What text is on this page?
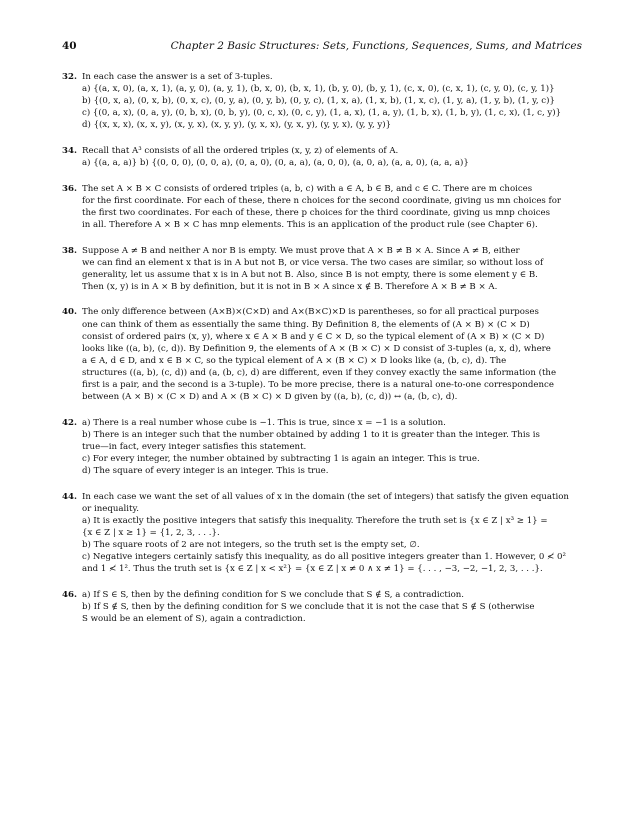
40	Chapter 2 Basic Structures: Sets, Functions, Sequences, Sums, and Matrices
32. In each case the answer is a set of 3-tuples.
a) {(a, x, 0), (a, x, 1), (a, y, 0), (a, y, 1), (b, x, 0), (b, x, 1), (b, y, 0), (b, y, 1), (c, x, 0), (c, x, 1), (c, y, 0), (c, y, 1)}
b) {(0, x, a), (0, x, b), (0, x, c), (0, y, a), (0, y, b), (0, y, c), (1, x, a), (1, x, b), (1, x, c), (1, y, a), (1, y, b), (1, y, c)}
c) {(0, a, x), (0, a, y), (0, b, x), (0, b, y), (0, c, x), (0, c, y), (1, a, x), (1, a, y), (1, b, x), (1, b, y), (1, c, x), (1, c, y)}
d) {(x, x, x), (x, x, y), (x, y, x), (x, y, y), (y, x, x), (y, x, y), (y, y, x), (y, y, y)}
34. Recall that A³ consists of all the ordered triples (x, y, z) of elements of A.
a) {(a, a, a)} b) {(0, 0, 0), (0, 0, a), (0, a, 0), (0, a, a), (a, 0, 0), (a, 0, a), (a, a, 0), (a, a, a)}
36. The set A × B × C consists of ordered triples (a, b, c) with a ∈ A, b ∈ B, and c ∈ C. There are m choices
for the first coordinate. For each of these, there n choices for the second coordinate, giving us mn choices for
the first two coordinates. For each of these, there p choices for the third coordinate, giving us mnp choices
in all. Therefore A × B × C has mnp elements. This is an application of the product rule (see Chapter 6).
38. Suppose A ≠ B and neither A nor B is empty. We must prove that A × B ≠ B × A. Since A ≠ B, either
we can find an element x that is in A but not B, or vice versa. The two cases are similar, so without loss of
generality, let us assume that x is in A but not B. Also, since B is not empty, there is some element y ∈ B.
Then (x, y) is in A × B by definition, but it is not in B × A since x ∉ B. Therefore A × B ≠ B × A.
40. The only difference between (A×B)×(C×D) and A×(B×C)×D is parentheses, so for all practical purposes
one can think of them as essentially the same thing. By Definition 8, the elements of (A × B) × (C × D)
consist of ordered pairs (x, y), where x ∈ A × B and y ∈ C × D, so the typical element of (A × B) × (C × D)
looks like ((a, b), (c, d)). By Definition 9, the elements of A × (B × C) × D consist of 3-tuples (a, x, d), where
a ∈ A, d ∈ D, and x ∈ B × C, so the typical element of A × (B × C) × D looks like (a, (b, c), d). The
structures ((a, b), (c, d)) and (a, (b, c), d) are different, even if they convey exactly the same information (the
first is a pair, and the second is a 3-tuple). To be more precise, there is a natural one-to-one correspondence
between (A × B) × (C × D) and A × (B × C) × D given by ((a, b), (c, d)) ↔ (a, (b, c), d).
42. a) There is a real number whose cube is −1. This is true, since x = −1 is a solution.
b) There is an integer such that the number obtained by adding 1 to it is greater than the integer. This is
true—in fact, every integer satisfies this statement.
c) For every integer, the number obtained by subtracting 1 is again an integer. This is true.
d) The square of every integer is an integer. This is true.
44. In each case we want the set of all values of x in the domain (the set of integers) that satisfy the given equation
or inequality.
a) It is exactly the positive integers that satisfy this inequality. Therefore the truth set is {x ∈ Z | x³ ≥ 1} =
{x ∈ Z | x ≥ 1} = {1, 2, 3, . . .}.
b) The square roots of 2 are not integers, so the truth set is the empty set, ∅.
c) Negative integers certainly satisfy this inequality, as do all positive integers greater than 1. However, 0 ≮ 0²
and 1 ≮ 1². Thus the truth set is {x ∈ Z | x < x²} = {x ∈ Z | x ≠ 0 ∧ x ≠ 1} = {. . . , −3, −2, −1, 2, 3, . . .}.
46. a) If S ∈ S, then by the defining condition for S we conclude that S ∉ S, a contradiction.
b) If S ∉ S, then by the defining condition for S we conclude that it is not the case that S ∉ S (otherwise
S would be an element of S), again a contradiction.
